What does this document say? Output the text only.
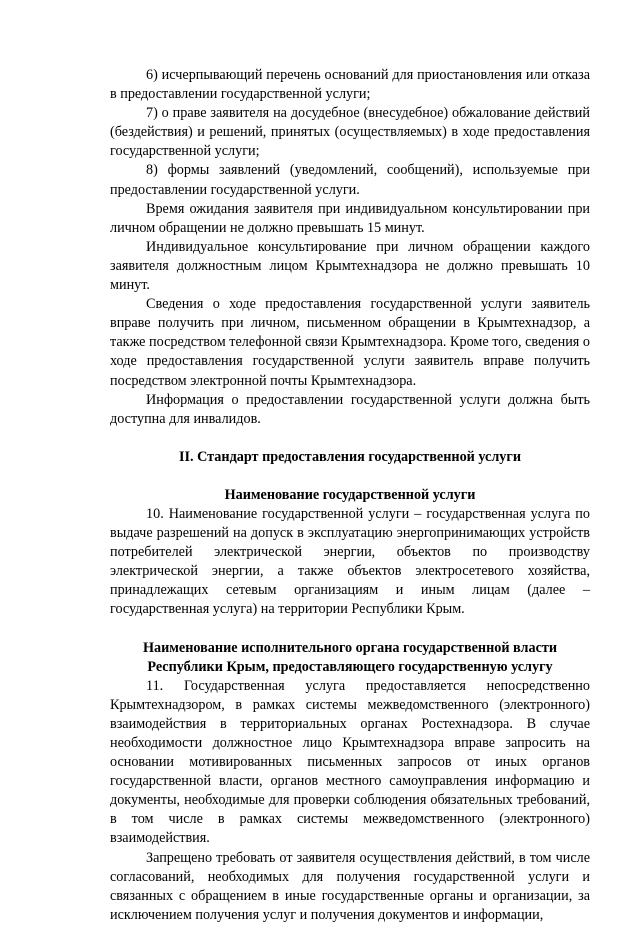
6) исчерпывающий перечень оснований для приостановления или отказа в предоставлении государственной услуги;

7) о праве заявителя на досудебное (внесудебное) обжалование действий (бездействия) и решений, принятых (осуществляемых) в ходе предоставления государственной услуги;

8) формы заявлений (уведомлений, сообщений), используемые при предоставлении государственной услуги.

Время ожидания заявителя при индивидуальном консультировании при личном обращении не должно превышать 15 минут.

Индивидуальное консультирование при личном обращении каждого заявителя должностным лицом Крымтехнадзора не должно превышать 10 минут.

Сведения о ходе предоставления государственной услуги заявитель вправе получить при личном, письменном обращении в Крымтехнадзор, а также посредством телефонной связи Крымтехнадзора. Кроме того, сведения о ходе предоставления государственной услуги заявитель вправе получить посредством электронной почты Крымтехнадзора.

Информация о предоставлении государственной услуги должна быть доступна для инвалидов.

II. Стандарт предоставления государственной услуги

Наименование государственной услуги

10. Наименование государственной услуги – государственная услуга по выдаче разрешений на допуск в эксплуатацию энергопринимающих устройств потребителей электрической энергии, объектов по производству электрической энергии, а также объектов электросетевого хозяйства, принадлежащих сетевым организациям и иным лицам (далее – государственная услуга) на территории Республики Крым.

Наименование исполнительного органа государственной власти

Республики Крым, предоставляющего государственную услугу

11. Государственная услуга предоставляется непосредственно Крымтехнадзором, в рамках системы межведомственного (электронного) взаимодействия в территориальных органах Ростехнадзора. В случае необходимости должностное лицо Крымтехнадзора вправе запросить на основании мотивированных письменных запросов от иных органов государственной власти, органов местного самоуправления информацию и документы, необходимые для проверки соблюдения обязательных требований, в том числе в рамках системы межведомственного (электронного) взаимодействия.

Запрещено требовать от заявителя осуществления действий, в том числе согласований, необходимых для получения государственной услуги и связанных с обращением в иные государственные органы и организации, за исключением получения услуг и получения документов и информации,
